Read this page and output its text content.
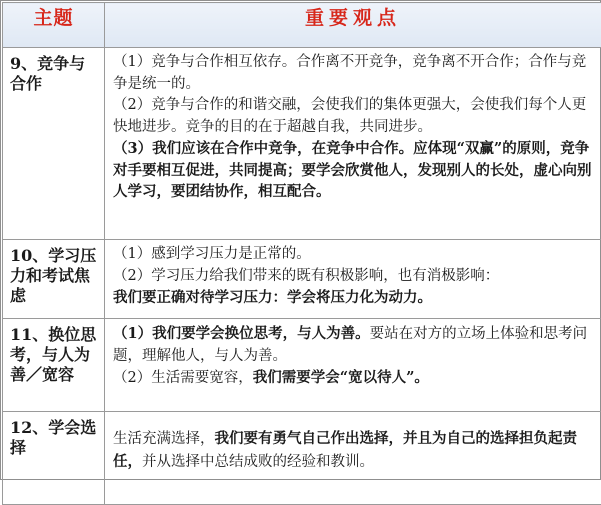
主题	重要观点
9、竞争与合作	（1）竞争与合作相互依存。合作离不开竞争，竞争离不开合作；合作与竞争是统一的。

（2）竞争与合作的和谐交融，会使我们的集体更强大，会使我们每个人更快地进步。竞争的目的在于超越自我，共同进步。

（3）我们应该在合作中竞争，在竞争中合作。应体现“双赢”的原则，竞争对手要相互促进，共同提高；要学会欣赏他人，发现别人的长处，虚心向别人学习，要团结协作，相互配合。

10、学习压力和考试焦虑	（1）感到学习压力是正常的。

（2）学习压力给我们带来的既有积极影响，也有消极影响：

我们要正确对待学习压力：学会将压力化为动力。

11、换位思考，与人为善／宽容	（1）我们要学会换位思考，与人为善。要站在对方的立场上体验和思考问题，理解他人，与人为善。

（2）生活需要宽容，我们需要学会“宽以待人”。

12、学会选择	生活充满选择，我们要有勇气自己作出选择，并且为自己的选择担负起责任，并从选择中总结成败的经验和教训。
